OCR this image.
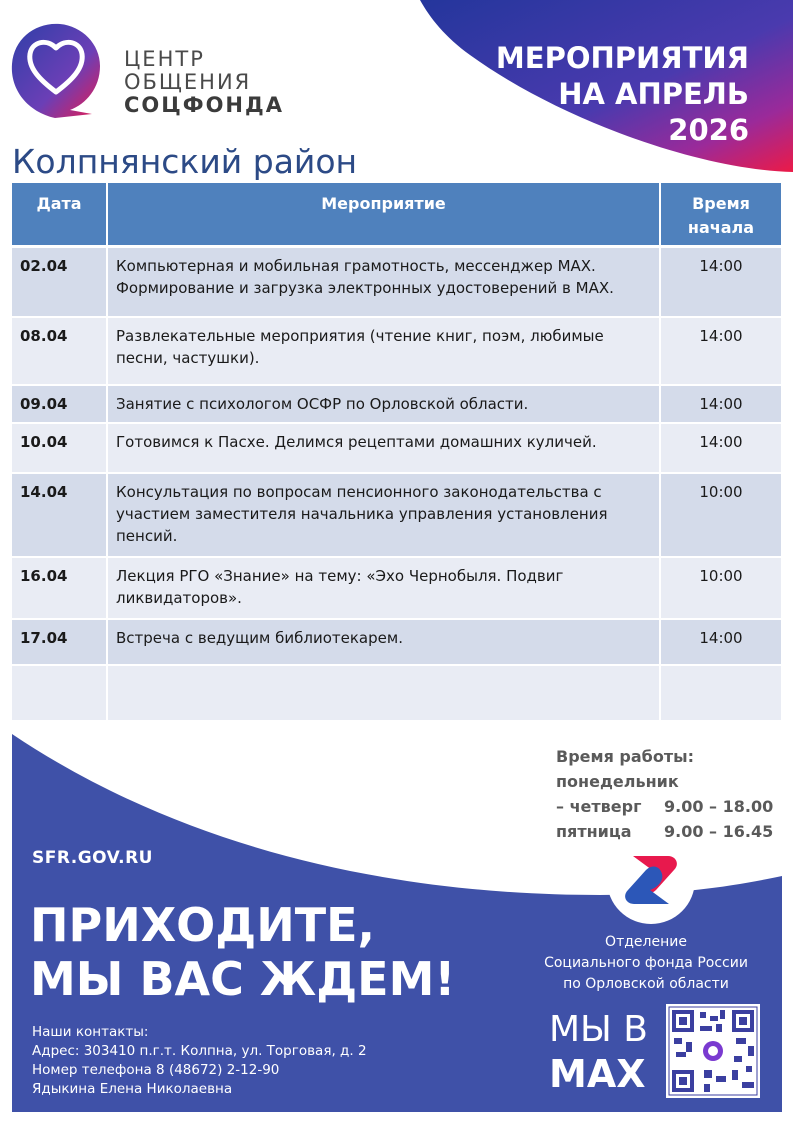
ЦЕНТР
ОБЩЕНИЯ
СОЦФОНДА
МЕРОПРИЯТИЯ
НА АПРЕЛЬ
2026
Колпнянский район
Дата	Мероприятие	Время
начала

02.04	Компьютерная и мобильная грамотность, мессенджер MAX. Формирование и загрузка электронных удостоверений в MAX.	14:00
08.04	Развлекательные мероприятия (чтение книг, поэм, любимые песни, частушки).	14:00
09.04	Занятие с психологом ОСФР по Орловской области.	14:00
10.04	Готовимся к Пасхе. Делимся рецептами домашних куличей.	14:00
14.04	Консультация по вопросам пенсионного законодательства с участием заместителя начальника управления установления пенсий.	10:00
16.04	Лекция РГО «Знание» на тему: «Эхо Чернобыля. Подвиг ликвидаторов».	10:00
17.04	Встреча с ведущим библиотекарем.	14:00

Время работы:
понедельник
– четверг 9.00 – 18.00
пятница 9.00 – 16.45
SFR.GOV.RU
ПРИХОДИТЕ,
МЫ ВАС ЖДЕМ!
Наши контакты:
Адрес: 303410 п.г.т. Колпна, ул. Торговая, д. 2
Номер телефона 8 (48672) 2-12-90
Ядыкина Елена Николаевна
Отделение
Социального фонда России
по Орловской области
МЫ В
MAX
